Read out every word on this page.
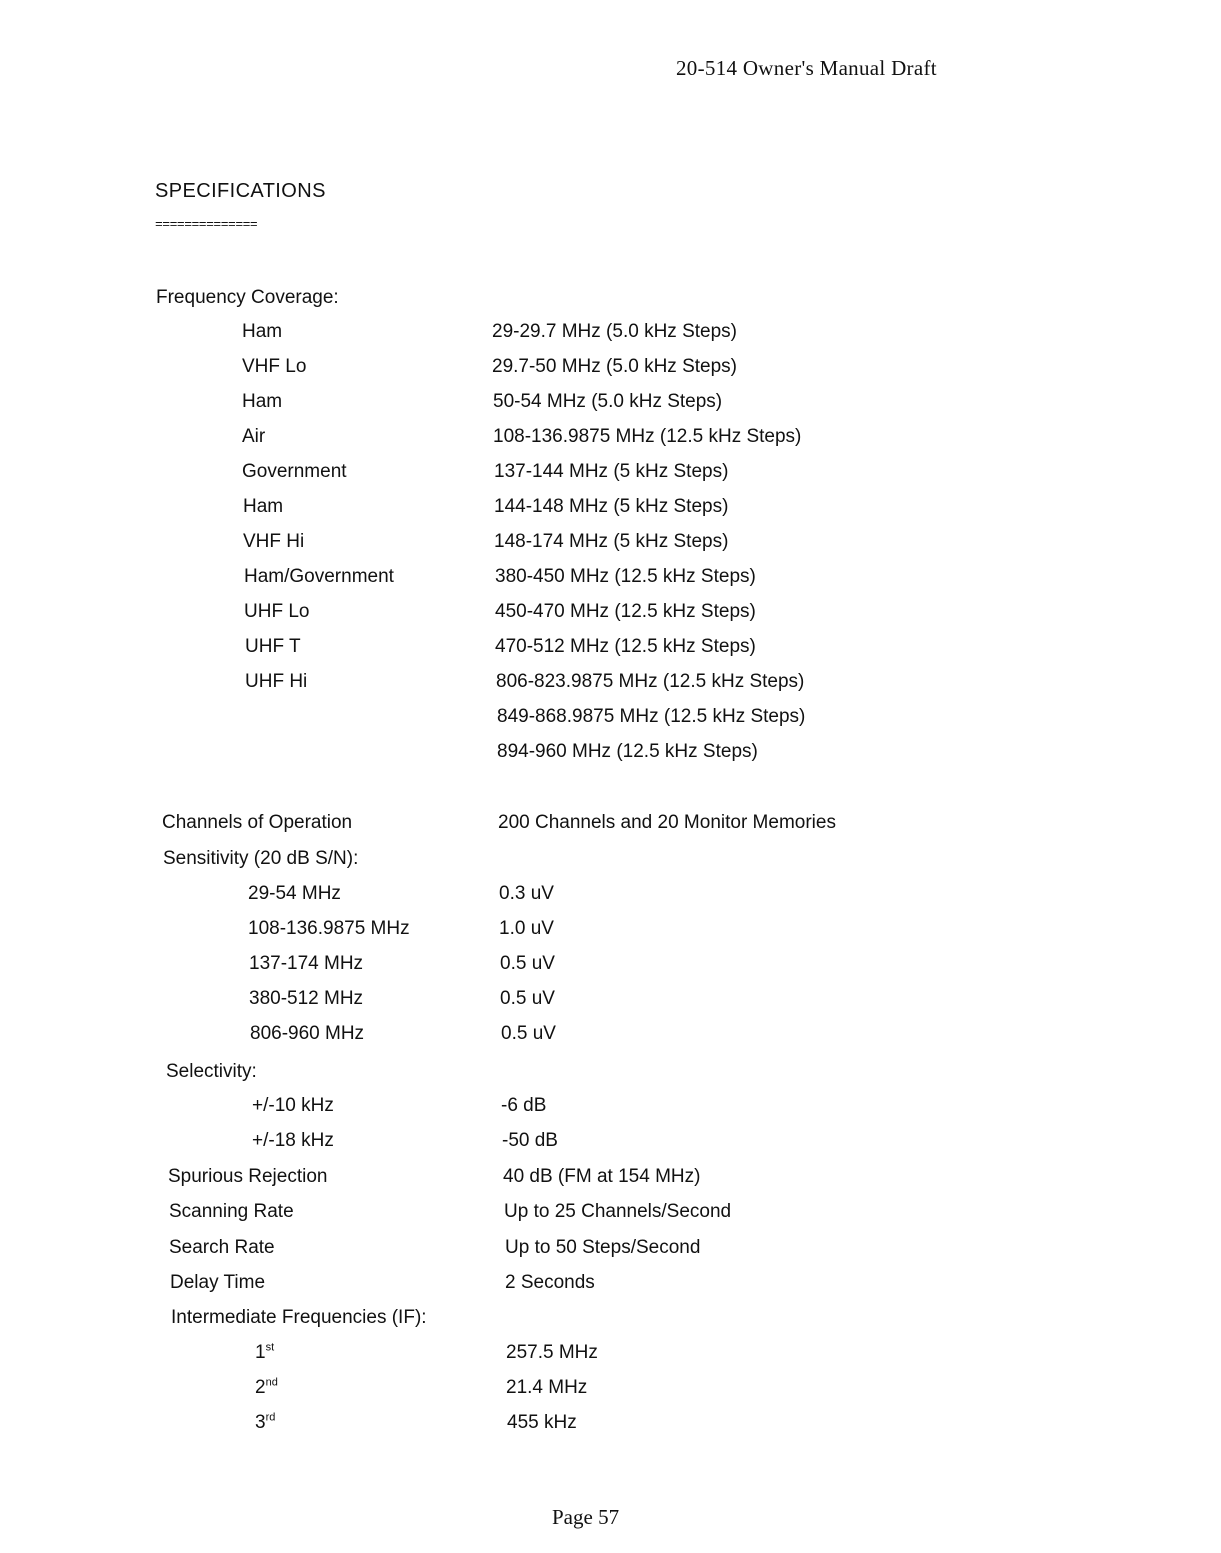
20-514 Owner's Manual Draft
SPECIFICATIONS
==============
Frequency Coverage:
Ham	29-29.7 MHz (5.0 kHz Steps)
VHF Lo	29.7-50 MHz (5.0 kHz Steps)
Ham	50-54 MHz (5.0 kHz Steps)
Air	108-136.9875 MHz (12.5 kHz Steps)
Government	137-144 MHz (5 kHz Steps)
Ham	144-148 MHz (5 kHz Steps)
VHF Hi	148-174 MHz (5 kHz Steps)
Ham/Government	380-450 MHz (12.5 kHz Steps)
UHF Lo	450-470 MHz (12.5 kHz Steps)
UHF T	470-512 MHz (12.5 kHz Steps)
UHF Hi	806-823.9875 MHz (12.5 kHz Steps)
849-868.9875 MHz (12.5 kHz Steps)
894-960 MHz (12.5 kHz Steps)
Channels of Operation	200 Channels and 20 Monitor Memories
Sensitivity (20 dB S/N):
29-54 MHz	0.3 uV
108-136.9875 MHz	1.0 uV
137-174 MHz	0.5 uV
380-512 MHz	0.5 uV
806-960 MHz	0.5 uV
Selectivity:
+/-10 kHz	-6 dB
+/-18 kHz	-50 dB
Spurious Rejection	40 dB (FM at 154 MHz)
Scanning Rate	Up to 25 Channels/Second
Search Rate	Up to 50 Steps/Second
Delay Time	2 Seconds
Intermediate Frequencies (IF):
1st	257.5 MHz
2nd	21.4 MHz
3rd	455 kHz
Page 57
